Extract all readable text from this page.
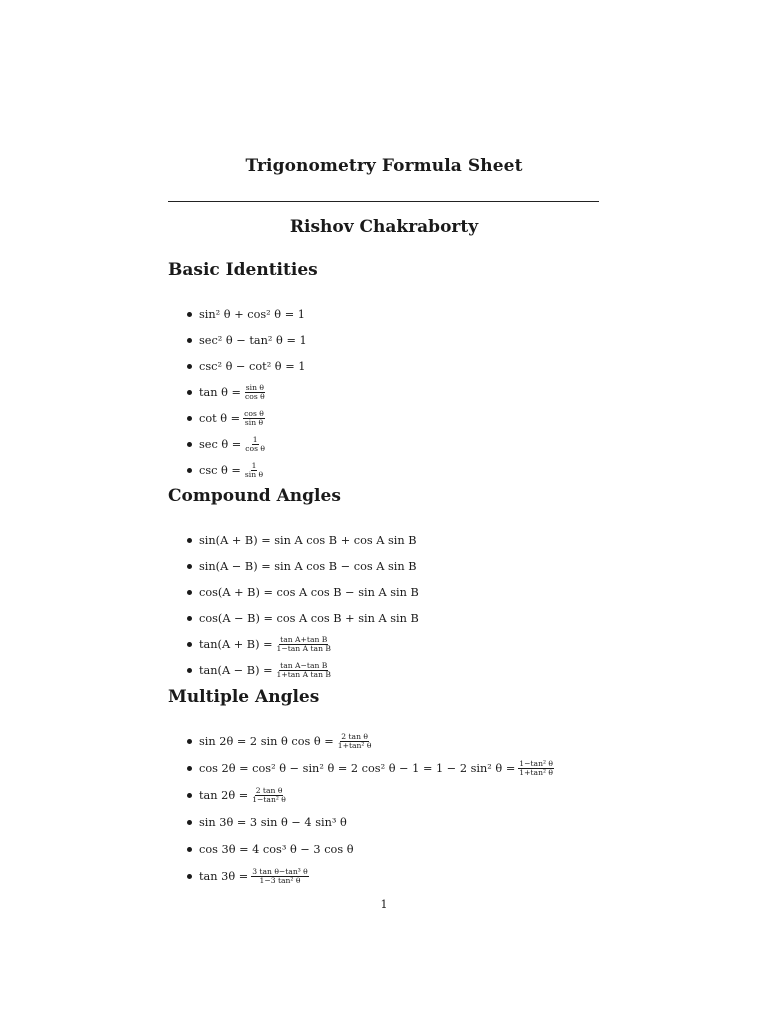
Trigonometry Formula Sheet
Rishov Chakraborty
Basic Identities
sin² θ + cos² θ = 1
sec² θ − tan² θ = 1
csc² θ − cot² θ = 1
$\tan \theta = \frac{\text{sin θ}}{\text{cos θ}}$
$\cot \theta = \frac{\text{cos θ}}{\text{sin θ}}$
$\sec \theta = \frac{1}{\text{cos θ}}$
$\csc \theta = \frac{1}{\text{sin θ}}$
Compound Angles
sin(A + B) = sin A cos B + cos A sin B
sin(A − B) = sin A cos B − cos A sin B
cos(A + B) = cos A cos B − sin A sin B
cos(A − B) = cos A cos B + sin A sin B
$\tan(A + B) = \frac{\text{tan A+tan B}}{\text{1−tan A tan B}}$
$\tan(A - B) = \frac{\text{tan A−tan B}}{\text{1+tan A tan B}}$
Multiple Angles
sin 2θ = 2 sin θ $\cos \theta = \frac{\text{2 tan θ}}{\text{1+tan² θ}}$
cos 2θ = cos² θ − sin² θ = 2 cos² θ − 1 = 1 − 2 sin² $\theta = \frac{\text{1−tan² θ}}{\text{1+tan² θ}}$
$\tan 2\theta = \frac{\text{2 tan θ}}{\text{1−tan² θ}}$
sin 3θ = 3 sin θ − 4 sin³ θ
cos 3θ = 4 cos³ θ − 3 cos θ
$\tan 3\theta = \frac{\text{3 tan θ−tan³ θ}}{\text{1−3 tan² θ}}$
1
